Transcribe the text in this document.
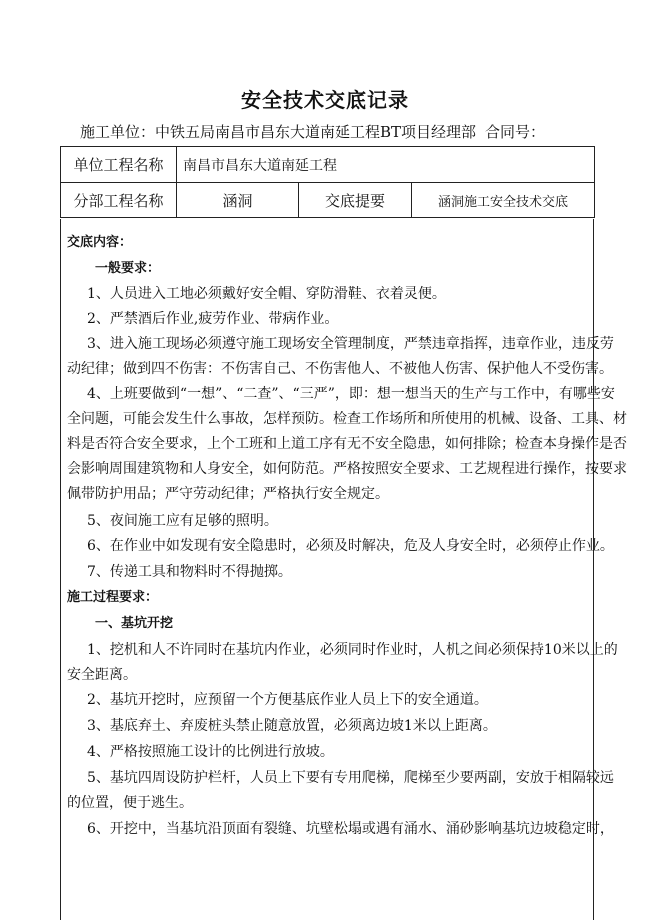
安全技术交底记录
施工单位：中铁五局南昌市昌东大道南延工程BT项目经理部 合同号：
单位工程名称	南昌市昌东大道南延工程		
分部工程名称	涵洞	交底提要	涵洞施工安全技术交底
交底内容：
一般要求：
1、人员进入工地必须戴好安全帽、穿防滑鞋、衣着灵便。
2、严禁酒后作业,疲劳作业、带病作业。
3、进入施工现场必须遵守施工现场安全管理制度，严禁违章指挥，违章作业，违反劳
动纪律；做到四不伤害：不伤害自己、不伤害他人、不被他人伤害、保护他人不受伤害。
4、上班要做到“一想”、“二查”、“三严”，即：想一想当天的生产与工作中，有哪些安
全问题，可能会发生什么事故，怎样预防。检查工作场所和所使用的机械、设备、工具、材
料是否符合安全要求，上个工班和上道工序有无不安全隐患，如何排除；检查本身操作是否
会影响周围建筑物和人身安全，如何防范。严格按照安全要求、工艺规程进行操作，按要求
佩带防护用品；严守劳动纪律；严格执行安全规定。
5、夜间施工应有足够的照明。
6、在作业中如发现有安全隐患时，必须及时解决，危及人身安全时，必须停止作业。
7、传递工具和物料时不得抛掷。
施工过程要求：
一、基坑开挖
1、挖机和人不许同时在基坑内作业，必须同时作业时，人机之间必须保持10米以上的
安全距离。
2、基坑开挖时，应预留一个方便基底作业人员上下的安全通道。
3、基底弃土、弃废桩头禁止随意放置，必须离边坡1米以上距离。
4、严格按照施工设计的比例进行放坡。
5、基坑四周设防护栏杆，人员上下要有专用爬梯，爬梯至少要两副，安放于相隔较远
的位置，便于逃生。
6、开挖中，当基坑沿顶面有裂缝、坑壁松塌或遇有涌水、涌砂影响基坑边坡稳定时，
